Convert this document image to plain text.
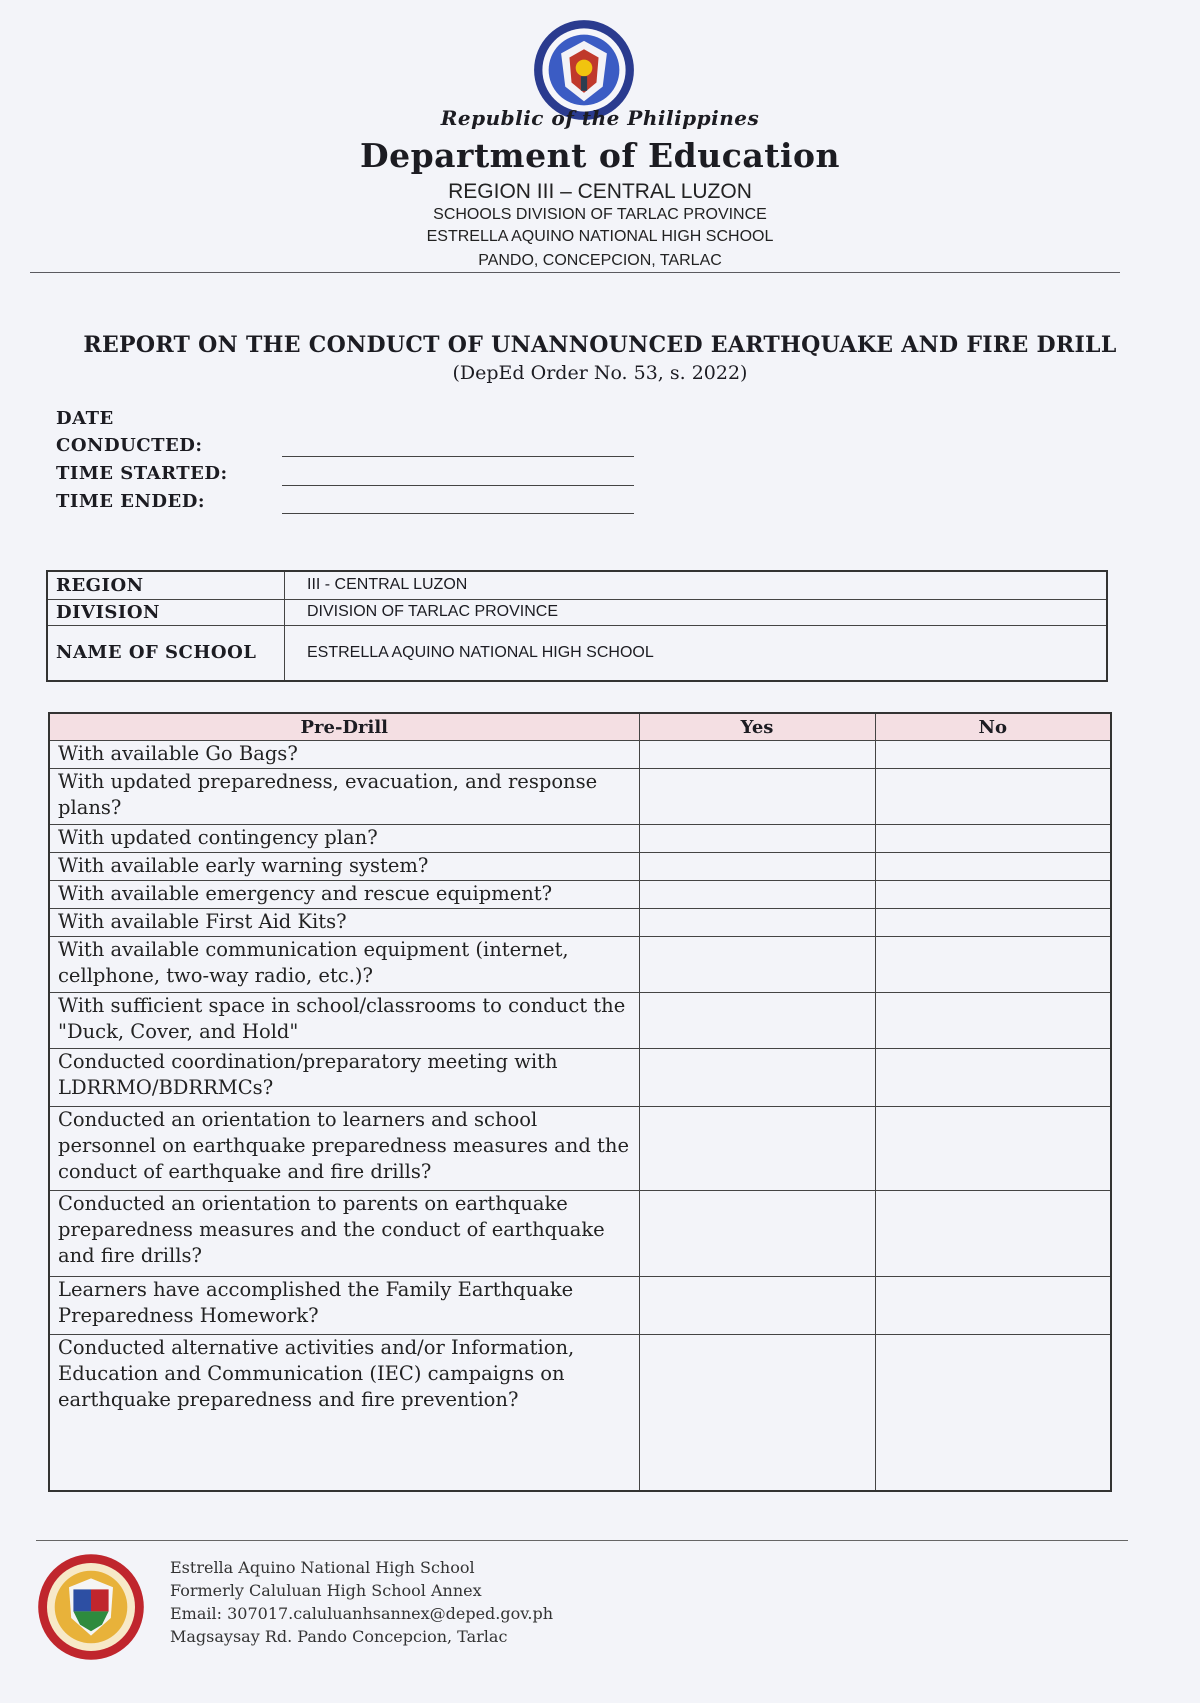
Republic of the Philippines
Department of Education
REGION III – CENTRAL LUZON
SCHOOLS DIVISION OF TARLAC PROVINCE
ESTRELLA AQUINO NATIONAL HIGH SCHOOL
PANDO, CONCEPCION, TARLAC
REPORT ON THE CONDUCT OF UNANNOUNCED EARTHQUAKE AND FIRE DRILL
(DepEd Order No. 53, s. 2022)
DATE
CONDUCTED:
TIME STARTED:
TIME ENDED:
REGION	III - CENTRAL LUZON
DIVISION	DIVISION OF TARLAC PROVINCE
NAME OF SCHOOL	ESTRELLA AQUINO NATIONAL HIGH SCHOOL
Pre-Drill	Yes	No
With available Go Bags?		
With updated preparedness, evacuation, and response plans?		
With updated contingency plan?		
With available early warning system?		
With available emergency and rescue equipment?		
With available First Aid Kits?		
With available communication equipment (internet, cellphone, two-way radio, etc.)?		
With sufficient space in school/classrooms to conduct the "Duck, Cover, and Hold"		
Conducted coordination/preparatory meeting with LDRRMO/BDRRMCs?		
Conducted an orientation to learners and school personnel on earthquake preparedness measures and the conduct of earthquake and fire drills?		
Conducted an orientation to parents on earthquake preparedness measures and the conduct of earthquake and fire drills?		
Learners have accomplished the Family Earthquake Preparedness Homework?		
Conducted alternative activities and/or Information, Education and Communication (IEC) campaigns on earthquake preparedness and fire prevention?		
Estrella Aquino National High School
Formerly Caluluan High School Annex
Email: 307017.caluluanhsannex@deped.gov.ph
Magsaysay Rd. Pando Concepcion, Tarlac
